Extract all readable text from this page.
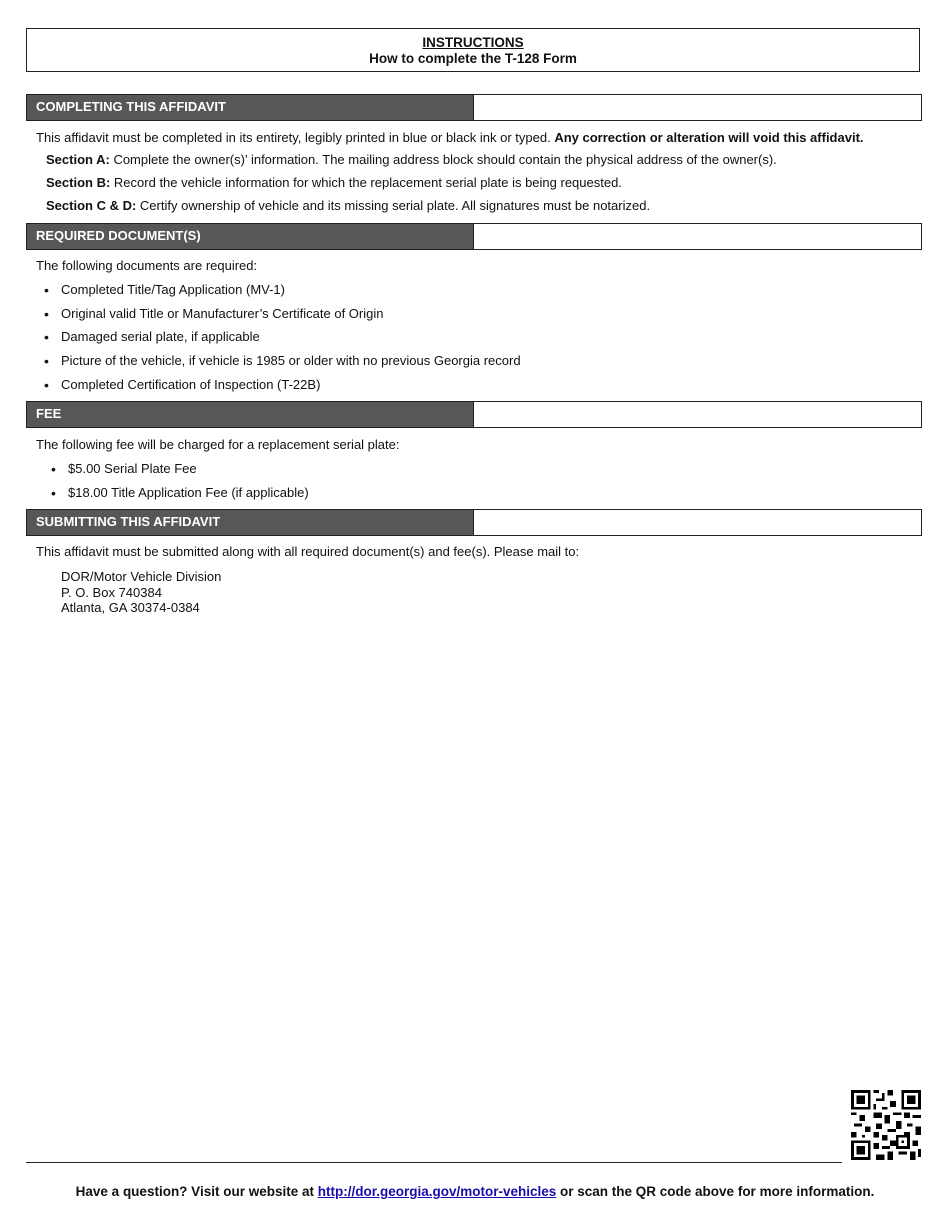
INSTRUCTIONS
How to complete the T-128 Form
COMPLETING THIS AFFIDAVIT
This affidavit must be completed in its entirety, legibly printed in blue or black ink or typed. Any correction or alteration will void this affidavit.
Section A: Complete the owner(s)’ information. The mailing address block should contain the physical address of the owner(s).
Section B: Record the vehicle information for which the replacement serial plate is being requested.
Section C & D: Certify ownership of vehicle and its missing serial plate. All signatures must be notarized.
REQUIRED DOCUMENT(S)
The following documents are required:
• Completed Title/Tag Application (MV-1)
• Original valid Title or Manufacturer’s Certificate of Origin
• Damaged serial plate, if applicable
• Picture of the vehicle, if vehicle is 1985 or older with no previous Georgia record
• Completed Certification of Inspection (T-22B)
FEE
The following fee will be charged for a replacement serial plate:
• $5.00 Serial Plate Fee
• $18.00 Title Application Fee (if applicable)
SUBMITTING THIS AFFIDAVIT
This affidavit must be submitted along with all required document(s) and fee(s). Please mail to:
DOR/Motor Vehicle Division
P. O. Box 740384
Atlanta, GA 30374-0384
Have a question? Visit our website at http://dor.georgia.gov/motor-vehicles or scan the QR code above for more information.
